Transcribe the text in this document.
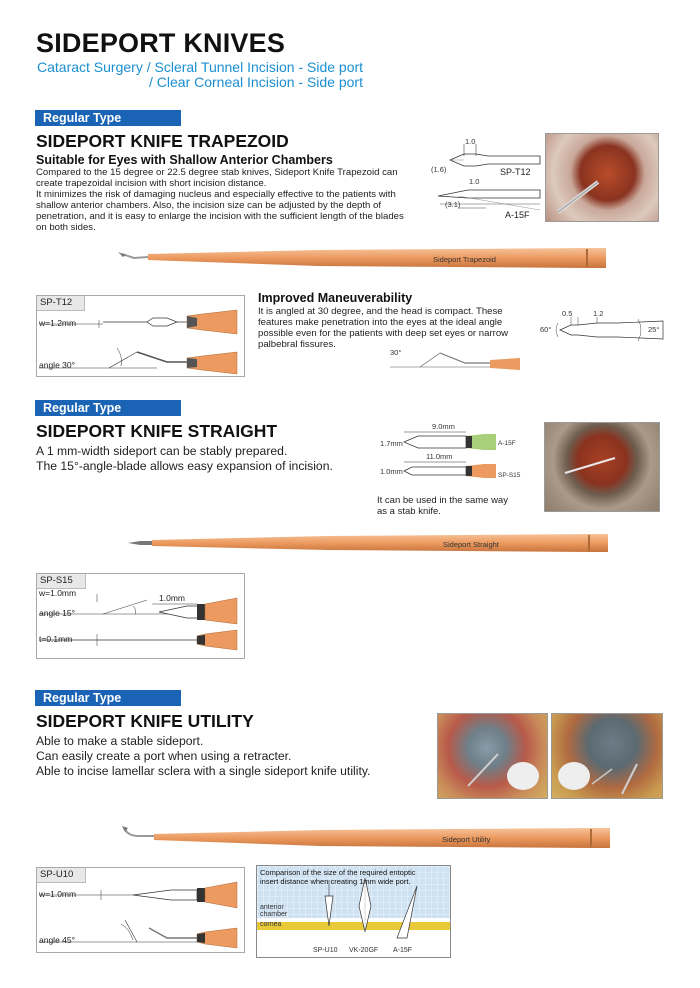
SIDEPORT KNIVES
Cataract Surgery / Scleral Tunnel Incision - Side port
/ Clear Corneal Incision - Side port
Regular Type
SIDEPORT KNIFE TRAPEZOID
Suitable for Eyes with Shallow Anterior Chambers
Compared to the 15 degree or 22.5 degree stab knives, Sideport Knife Trapezoid can
create trapezoidal incision with short incision distance.
It minimizes the risk of damaging nucleus and especially effective to the patients with
shallow anterior chambers. Also, the incision size can be adjusted by the depth of
penetration, and it is easy to enlarge the incision with the sufficient length of the blades
on both sides.
1.0
(1.6)	SP-T12
1.0
(3.1)
A-15F
Sideport Trapezoid
SP-T12
w=1.2mm
angle 30°
Improved Maneuverability
It is angled at 30 degree, and the head is compact. These
features make penetration into the eyes at the ideal angle
possible even for the patients with deep set eyes or narrow
palbebral fissures.
30°
0.5	1.2
60°	25°
Regular Type
SIDEPORT KNIFE STRAIGHT
A 1 mm-width sideport can be stably prepared.
The 15°-angle-blade allows easy expansion of incision.
9.0mm
1.7mm	A-15F
11.0mm
1.0mm	SP-S15
It can be used in the same way
as a stab knife.
Sideport Straight
SP-S15
w=1.0mm
angle 15°
1.0mm
t=0.1mm
Regular Type
SIDEPORT KNIFE UTILITY
Able to make a stable sideport.
Can easily create a port when using a retracter.
Able to incise lamellar sclera with a single sideport knife utility.
Sideport Utility
SP-U10
w=1.0mm
angle 45°
Comparison of the size of the required entoptic
insert distance when creating 1mm wide port.
anterior
chamber
cornea
SP-U10 VK-20GF A-15F
